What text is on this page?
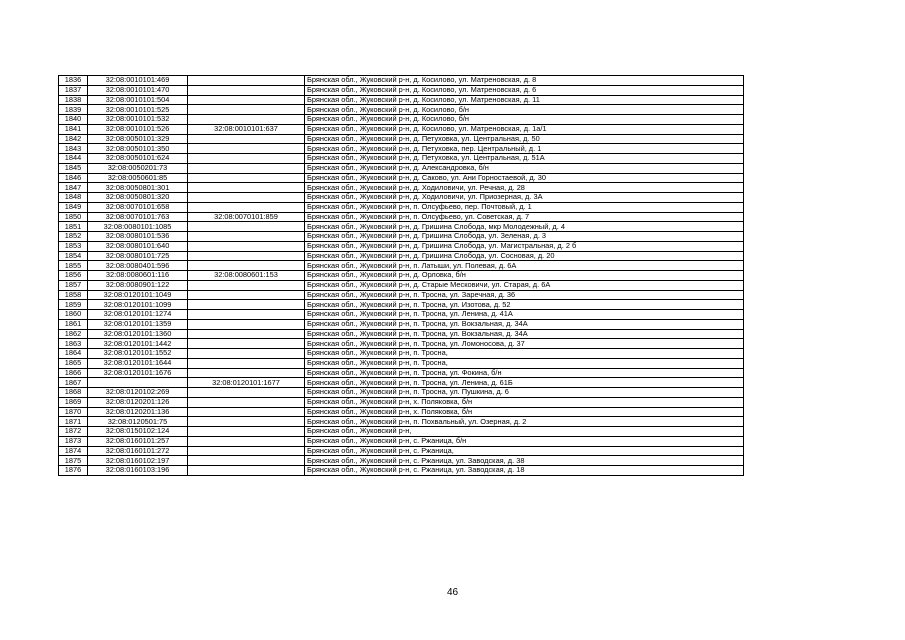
1836	32:08:0010101:469		Брянская обл., Жуковский р-н, д. Косилово, ул. Матреновская, д. 8
1837	32:08:0010101:470		Брянская обл., Жуковский р-н, д. Косилово, ул. Матреновская, д. 6
1838	32:08:0010101:504		Брянская обл., Жуковский р-н, д. Косилово, ул. Матреновская, д. 11
1839	32:08:0010101:525		Брянская обл., Жуковский р-н, д. Косилово, б/н
1840	32:08:0010101:532		Брянская обл., Жуковский р-н, д. Косилово, б/н
1841	32:08:0010101:526	32:08:0010101:637	Брянская обл., Жуковский р-н, д. Косилово, ул. Матреновская, д. 1а/1
1842	32:08:0050101:329		Брянская обл., Жуковский р-н, д. Петуховка, ул. Центральная, д. 50
1843	32:08:0050101:350		Брянская обл., Жуковский р-н, д. Петуховка, пер. Центральный, д. 1
1844	32:08:0050101:624		Брянская обл., Жуковский р-н, д. Петуховка, ул. Центральная, д. 51А
1845	32:08:0050201:73		Брянская обл., Жуковский р-н, д. Александровка, б/н
1846	32:08:0050601:85		Брянская обл., Жуковский р-н, д. Саково, ул. Ани Горностаевой, д. 30
1847	32:08:0050801:301		Брянская обл., Жуковский р-н, д. Ходиловичи, ул. Речная, д. 28
1848	32:08:0050801:320		Брянская обл., Жуковский р-н, д. Ходиловичи, ул. Приозерная, д. 3А
1849	32:08:0070101:658		Брянская обл., Жуковский р-н, п. Олсуфьево, пер. Почтовый, д. 1
1850	32:08:0070101:763	32:08:0070101:859	Брянская обл., Жуковский р-н, п. Олсуфьево, ул. Советская, д. 7
1851	32:08:0080101:1085		Брянская обл., Жуковский р-н, д. Гришина Слобода, мкр Молодежный, д. 4
1852	32:08:0080101:536		Брянская обл., Жуковский р-н, д. Гришина Слобода, ул. Зеленая, д. 3
1853	32:08:0080101:640		Брянская обл., Жуковский р-н, д. Гришина Слобода, ул. Магистральная, д. 2 б
1854	32:08:0080101:725		Брянская обл., Жуковский р-н, д. Гришина Слобода, ул. Сосновая, д. 20
1855	32:08:0080401:596		Брянская обл., Жуковский р-н, п. Латыши, ул. Полевая, д. 6А
1856	32:08:0080601:116	32:08:0080601:153	Брянская обл., Жуковский р-н, д. Орловка, б/н
1857	32:08:0080901:122		Брянская обл., Жуковский р-н, д. Старые Месковичи, ул. Старая, д. 6А
1858	32:08:0120101:1049		Брянская обл., Жуковский р-н, п. Тросна, ул. Заречная, д. 36
1859	32:08:0120101:1099		Брянская обл., Жуковский р-н, п. Тросна, ул. Изотова, д. 52
1860	32:08:0120101:1274		Брянская обл., Жуковский р-н, п. Тросна, ул. Ленина, д. 41А
1861	32:08:0120101:1359		Брянская обл., Жуковский р-н, п. Тросна, ул. Вокзальная, д. 34А
1862	32:08:0120101:1360		Брянская обл., Жуковский р-н, п. Тросна, ул. Вокзальная, д. 34А
1863	32:08:0120101:1442		Брянская обл., Жуковский р-н, п. Тросна, ул. Ломоносова, д. 37
1864	32:08:0120101:1552		Брянская обл., Жуковский р-н, п. Тросна,
1865	32:08:0120101:1644		Брянская обл., Жуковский р-н, п. Тросна,
1866	32:08:0120101:1676		Брянская обл., Жуковский р-н, п. Тросна, ул. Фокина, б/н
1867		32:08:0120101:1677	Брянская обл., Жуковский р-н, п. Тросна, ул. Ленина, д. 61Б
1868	32:08:0120102:269		Брянская обл., Жуковский р-н, п. Тросна, ул. Пушкина, д. 6
1869	32:08:0120201:126		Брянская обл., Жуковский р-н, х. Поляковка, б/н
1870	32:08:0120201:136		Брянская обл., Жуковский р-н, х. Поляковка, б/н
1871	32:08:0120501:75		Брянская обл., Жуковский р-н, п. Похвальный, ул. Озерная, д. 2
1872	32:08:0150102:124		Брянская обл., Жуковский р-н,
1873	32:08:0160101:257		Брянская обл., Жуковский р-н, с. Ржаница, б/н
1874	32:08:0160101:272		Брянская обл., Жуковский р-н, с. Ржаница,
1875	32:08:0160102:197		Брянская обл., Жуковский р-н, с. Ржаница, ул. Заводская, д. 38
1876	32:08:0160103:196		Брянская обл., Жуковский р-н, с. Ржаница, ул. Заводская, д. 18
46
